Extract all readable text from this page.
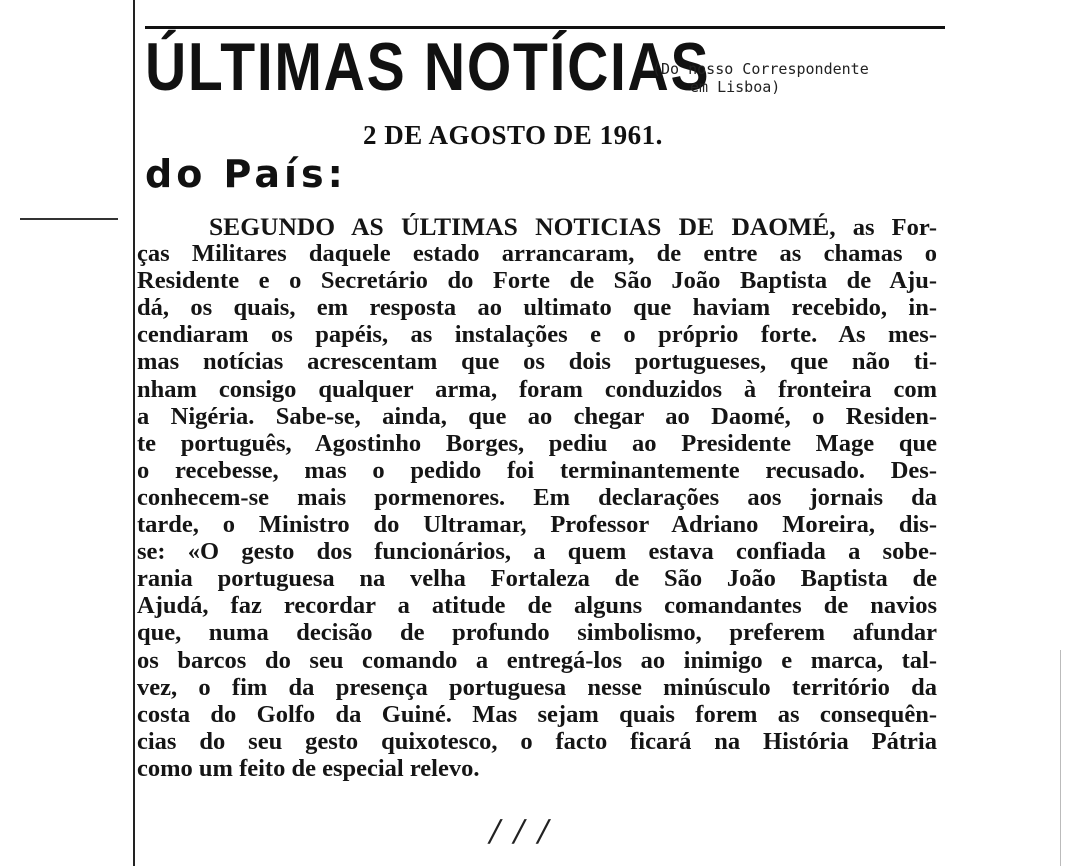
ÚLTIMAS NOTÍCIAS
(Do nosso Correspondente
em Lisboa)
2 DE AGOSTO DE 1961.
do País:
SEGUNDO AS ÚLTIMAS NOTICIAS DE DAOMÉ, as For-
ças Militares daquele estado arrancaram, de entre as chamas o
Residente e o Secretário do Forte de São João Baptista de Aju-
dá, os quais, em resposta ao ultimato que haviam recebido, in-
cendiaram os papéis, as instalações e o próprio forte. As mes-
mas notícias acrescentam que os dois portugueses, que não ti-
nham consigo qualquer arma, foram conduzidos à fronteira com
a Nigéria. Sabe-se, ainda, que ao chegar ao Daomé, o Residen-
te português, Agostinho Borges, pediu ao Presidente Mage que
o recebesse, mas o pedido foi terminantemente recusado. Des-
conhecem-se mais pormenores. Em declarações aos jornais da
tarde, o Ministro do Ultramar, Professor Adriano Moreira, dis-
se: «O gesto dos funcionários, a quem estava confiada a sobe-
rania portuguesa na velha Fortaleza de São João Baptista de
Ajudá, faz recordar a atitude de alguns comandantes de navios
que, numa decisão de profundo simbolismo, preferem afundar
os barcos do seu comando a entregá-los ao inimigo e marca, tal-
vez, o fim da presença portuguesa nesse minúsculo território da
costa do Golfo da Guiné. Mas sejam quais forem as consequên-
cias do seu gesto quixotesco, o facto ficará na História Pátria
como um feito de especial relevo.
///
